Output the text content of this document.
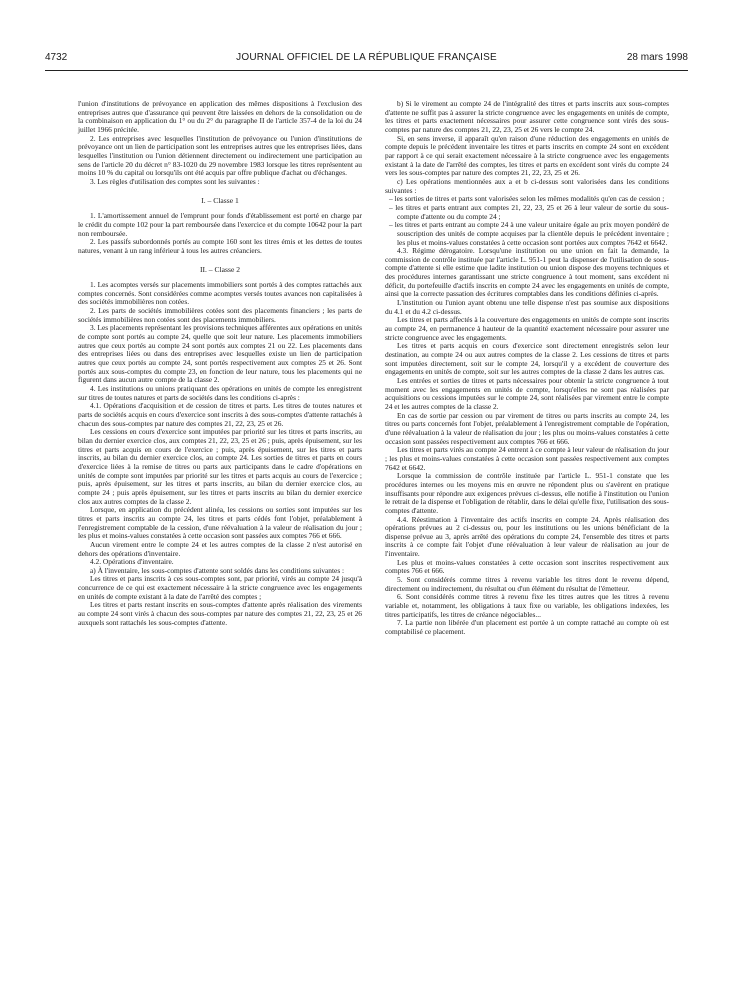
4732	JOURNAL OFFICIEL DE LA RÉPUBLIQUE FRANÇAISE	28 mars 1998

l'union d'institutions de prévoyance en application des mêmes dispositions à l'exclusion des entreprises autres que d'assurance qui peuvent être laissées en dehors de la consolidation ou de la combinaison en application du 1° ou du 2° du paragraphe II de l'article 357-4 de la loi du 24 juillet 1966 précitée.

2. Les entreprises avec lesquelles l'institution de prévoyance ou l'union d'institutions de prévoyance ont un lien de participation sont les entreprises autres que les entreprises liées, dans lesquelles l'institution ou l'union détiennent directement ou indirectement une participation au sens de l'article 20 du décret n° 83-1020 du 29 novembre 1983 lorsque les titres représentent au moins 10 % du capital ou lorsqu'ils ont été acquis par offre publique d'achat ou d'échanges.

3. Les règles d'utilisation des comptes sont les suivantes :

I. – Classe 1

1. L'amortissement annuel de l'emprunt pour fonds d'établissement est porté en charge par le crédit du compte 102 pour la part remboursée dans l'exercice et du compte 10642 pour la part non remboursée.

2. Les passifs subordonnés portés au compte 160 sont les titres émis et les dettes de toutes natures, venant à un rang inférieur à tous les autres créanciers.

II. – Classe 2

1. Les acomptes versés sur placements immobiliers sont portés à des comptes rattachés aux comptes concernés. Sont considérées comme acomptes versés toutes avances non capitalisées à des sociétés immobilières non cotées.

2. Les parts de sociétés immobilières cotées sont des placements financiers ; les parts de sociétés immobilières non cotées sont des placements immobiliers.

3. Les placements représentant les provisions techniques afférentes aux opérations en unités de compte sont portés au compte 24, quelle que soit leur nature. Les placements immobiliers autres que ceux portés au compte 24 sont portés aux comptes 21 ou 22. Les placements dans des entreprises liées ou dans des entreprises avec lesquelles existe un lien de participation autres que ceux portés au compte 24, sont portés respectivement aux comptes 25 et 26. Sont portés aux sous-comptes du compte 23, en fonction de leur nature, tous les placements qui ne figurent dans aucun autre compte de la classe 2.

4. Les institutions ou unions pratiquant des opérations en unités de compte les enregistrent sur titres de toutes natures et parts de sociétés dans les conditions ci-après :

4.1. Opérations d'acquisition et de cession de titres et parts. Les titres de toutes natures et parts de sociétés acquis en cours d'exercice sont inscrits à des sous-comptes d'attente rattachés à chacun des sous-comptes par nature des comptes 21, 22, 23, 25 et 26.

Les cessions en cours d'exercice sont imputées par priorité sur les titres et parts inscrits, au bilan du dernier exercice clos, aux comptes 21, 22, 23, 25 et 26 ; puis, après épuisement, sur les titres et parts acquis en cours de l'exercice ; puis, après épuisement, sur les titres et parts inscrits, au bilan du dernier exercice clos, au compte 24. Les sorties de titres et parts en cours d'exercice liées à la remise de titres ou parts aux participants dans le cadre d'opérations en unités de compte sont imputées par priorité sur les titres et parts acquis au cours de l'exercice ; puis, après épuisement, sur les titres et parts inscrits, au bilan du dernier exercice clos, au compte 24 ; puis après épuisement, sur les titres et parts inscrits au bilan du dernier exercice clos aux autres comptes de la classe 2.

Lorsque, en application du précédent alinéa, les cessions ou sorties sont imputées sur les titres et parts inscrits au compte 24, les titres et parts cédés font l'objet, préalablement à l'enregistrement comptable de la cession, d'une réévaluation à la valeur de réalisation du jour ; les plus et moins-values constatées à cette occasion sont passées aux comptes 766 et 666.

Aucun virement entre le compte 24 et les autres comptes de la classe 2 n'est autorisé en dehors des opérations d'inventaire.

4.2. Opérations d'inventaire.

a) À l'inventaire, les sous-comptes d'attente sont soldés dans les conditions suivantes :

Les titres et parts inscrits à ces sous-comptes sont, par priorité, virés au compte 24 jusqu'à concurrence de ce qui est exactement nécessaire à la stricte congruence avec les engagements en unités de compte existant à la date de l'arrêté des comptes ;

Les titres et parts restant inscrits en sous-comptes d'attente après réalisation des virements au compte 24 sont virés à chacun des sous-comptes par nature des comptes 21, 22, 23, 25 et 26 auxquels sont rattachés les sous-comptes d'attente.

b) Si le virement au compte 24 de l'intégralité des titres et parts inscrits aux sous-comptes d'attente ne suffit pas à assurer la stricte congruence avec les engagements en unités de compte, les titres et parts exactement nécessaires pour assurer cette congruence sont virés des sous-comptes par nature des comptes 21, 22, 23, 25 et 26 vers le compte 24.

Si, en sens inverse, il apparaît qu'en raison d'une réduction des engagements en unités de compte depuis le précédent inventaire les titres et parts inscrits en compte 24 sont en excédent par rapport à ce qui serait exactement nécessaire à la stricte congruence avec les engagements existant à la date de l'arrêté des comptes, les titres et parts en excédent sont virés du compte 24 vers les sous-comptes par nature des comptes 21, 22, 23, 25 et 26.

c) Les opérations mentionnées aux a et b ci-dessus sont valorisées dans les conditions suivantes :

– les sorties de titres et parts sont valorisées selon les mêmes modalités qu'en cas de cession ;

– les titres et parts entrant aux comptes 21, 22, 23, 25 et 26 à leur valeur de sortie du sous-compte d'attente ou du compte 24 ;

– les titres et parts entrant au compte 24 à une valeur unitaire égale au prix moyen pondéré de souscription des unités de compte acquises par la clientèle depuis le précédent inventaire ; les plus et moins-values constatées à cette occasion sont portées aux comptes 7642 et 6642.

4.3. Régime dérogatoire. Lorsqu'une institution ou une union en fait la demande, la commission de contrôle instituée par l'article L. 951-1 peut la dispenser de l'utilisation de sous-compte d'attente si elle estime que ladite institution ou union dispose des moyens techniques et des procédures internes garantissant une stricte congruence à tout moment, sans excédent ni déficit, du portefeuille d'actifs inscrits en compte 24 avec les engagements en unités de compte, ainsi que la correcte passation des écritures comptables dans les conditions définies ci-après.

L'institution ou l'union ayant obtenu une telle dispense n'est pas soumise aux dispositions du 4.1 et du 4.2 ci-dessus.

Les titres et parts affectés à la couverture des engagements en unités de compte sont inscrits au compte 24, en permanence à hauteur de la quantité exactement nécessaire pour assurer une stricte congruence avec les engagements.

Les titres et parts acquis en cours d'exercice sont directement enregistrés selon leur destination, au compte 24 ou aux autres comptes de la classe 2. Les cessions de titres et parts sont imputées directement, soit sur le compte 24, lorsqu'il y a excédent de couverture des engagements en unités de compte, soit sur les autres comptes de la classe 2 dans les autres cas.

Les entrées et sorties de titres et parts nécessaires pour obtenir la stricte congruence à tout moment avec les engagements en unités de compte, lorsqu'elles ne sont pas réalisées par acquisitions ou cessions imputées sur le compte 24, sont réalisées par virement entre le compte 24 et les autres comptes de la classe 2.

En cas de sortie par cession ou par virement de titres ou parts inscrits au compte 24, les titres ou parts concernés font l'objet, préalablement à l'enregistrement comptable de l'opération, d'une réévaluation à la valeur de réalisation du jour ; les plus ou moins-values constatées à cette occasion sont passées respectivement aux comptes 766 et 666.

Les titres et parts virés au compte 24 entrent à ce compte à leur valeur de réalisation du jour ; les plus et moins-values constatées à cette occasion sont passées respectivement aux comptes 7642 et 6642.

Lorsque la commission de contrôle instituée par l'article L. 951-1 constate que les procédures internes ou les moyens mis en œuvre ne répondent plus ou s'avèrent en pratique insuffisants pour répondre aux exigences prévues ci-dessus, elle notifie à l'institution ou l'union le retrait de la dispense et l'obligation de rétablir, dans le délai qu'elle fixe, l'utilisation des sous-comptes d'attente.

4.4. Réestimation à l'inventaire des actifs inscrits en compte 24. Après réalisation des opérations prévues au 2 ci-dessus ou, pour les institutions ou les unions bénéficiant de la dispense prévue au 3, après arrêté des opérations du compte 24, l'ensemble des titres et parts inscrits à ce compte fait l'objet d'une réévaluation à leur valeur de réalisation au jour de l'inventaire.

Les plus et moins-values constatées à cette occasion sont inscrites respectivement aux comptes 766 et 666.

5. Sont considérés comme titres à revenu variable les titres dont le revenu dépend, directement ou indirectement, du résultat ou d'un élément du résultat de l'émetteur.

6. Sont considérés comme titres à revenu fixe les titres autres que les titres à revenu variable et, notamment, les obligations à taux fixe ou variable, les obligations indexées, les titres participatifs, les titres de créance négociables...

7. La partie non libérée d'un placement est portée à un compte rattaché au compte où est comptabilisé ce placement.
